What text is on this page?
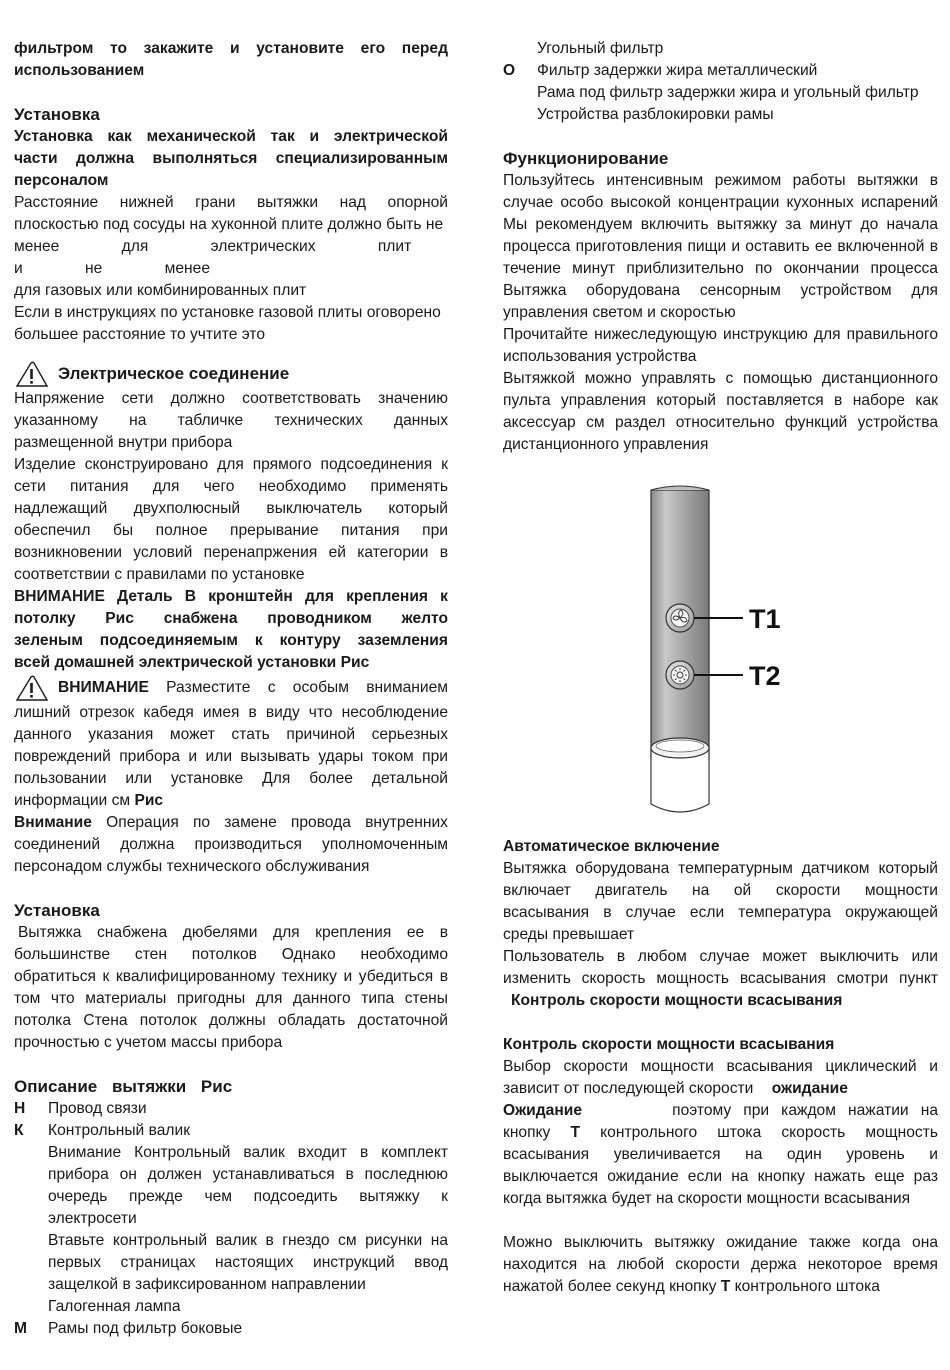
фильтром то закажите и установите его перед
использованием
Установка
Установка как механической так и электрической
части должна выполняться специализированным
персоналом
Расстояние нижней грани вытяжки над опорной
плоскостью под сосуды на хуконной плите должно быть не
менее для электрических плит и не менее
для газовых или комбинированных плит
Если в инструкциях по установке газовой плиты оговорено
большее расстояние то учтите это
Электрическое соединение
Напряжение сети должно соответствовать значению
указанному на табличке технических данных
размещенной внутри прибора
Изделие сконструировано для прямого подсоединения к
сети питания для чего необходимо применять
надлежащий двухполюсный выключатель который
обеспечил бы полное прерывание питания при
возникновении условий перенапржения ей категории в
соответствии с правилами по установке
ВНИМАНИЕ Деталь В кронштейн для крепления к
потолку Рис снабжена проводником желто
зеленым подсоединяемым к контуру заземления
всей домашней электрической установки Рис
ВНИМАНИЕ Разместите с особым вниманием
лишний отрезок кабедя имея в виду что несоблюдение
данного указания может стать причиной серьезных
повреждений прибора и или вызывать удары током при
пользовании или установке Для более детальной
информации см Рис
Внимание Операция по замене провода внутренних
соединений должна производиться уполномоченным
персонадом службы технического обслуживания
Установка
Вытяжка снабжена дюбелями для крепления ее в
большинстве стен потолков Однако необходимо
обратиться к квалифицированному технику и убедиться в
том что материалы пригодны для данного типа стены
потолка Стена потолок должны обладать достаточной
прочностью с учетом массы прибора
Описание вытяжки Рис
Н	Провод связи
К	Контрольный валик
Внимание Контрольный валик входит в комплект
прибора он должен устанавливаться в последнюю
очередь прежде чем подсоедить вытяжку к
электросети
Втавьте контрольный валик в гнездо см рисунки на
первых страницах настоящих инструкций ввод
защелкой в зафиксированном направлении
Галогенная лампа
М	Рамы под фильтр боковые
Угольный фильтр
О	Фильтр задержки жира металлический
Рама под фильтр задержки жира и угольный фильтр
Устройства разблокировки рамы
Функционирование
Пользуйтесь интенсивным режимом работы вытяжки в
случае особо высокой концентрации кухонных испарений
Мы рекомендуем включить вытяжку за минут до начала
процесса приготовления пищи и оставить ее включенной в
течение минут приблизительно по окончании процесса
Вытяжка оборудована сенсорным устройством для
управления светом и скоростью
Прочитайте нижеследующую инструкцию для правильного
использования устройства
Вытяжкой можно управлять с помощью дистанционного
пульта управления который поставляется в наборе как
аксессуар см раздел относительно функций устройства
дистанционного управления
T1
T2
Автоматическое включение
Вытяжка оборудована температурным датчиком который
включает двигатель на ой скорости мощности
всасывания в случае если температура окружающей
среды превышает
Пользователь в любом случае может выключить или
изменить скорость мощность всасывания смотри пункт
Контроль скорости мощности всасывания
Контроль скорости мощности всасывания
Выбор скорости мощности всасывания циклический и
зависит от последующей скорости ожидание
Ожидание	поэтому при каждом нажатии на
кнопку Т контрольного штока скорость мощность
всасывания увеличивается на один уровень и
выключается ожидание если на кнопку нажать еще раз
когда вытяжка будет на скорости мощности всасывания
Можно выключить вытяжку ожидание также когда она
находится на любой скорости держа некоторое время
нажатой более секунд кнопку Т контрольного штока
